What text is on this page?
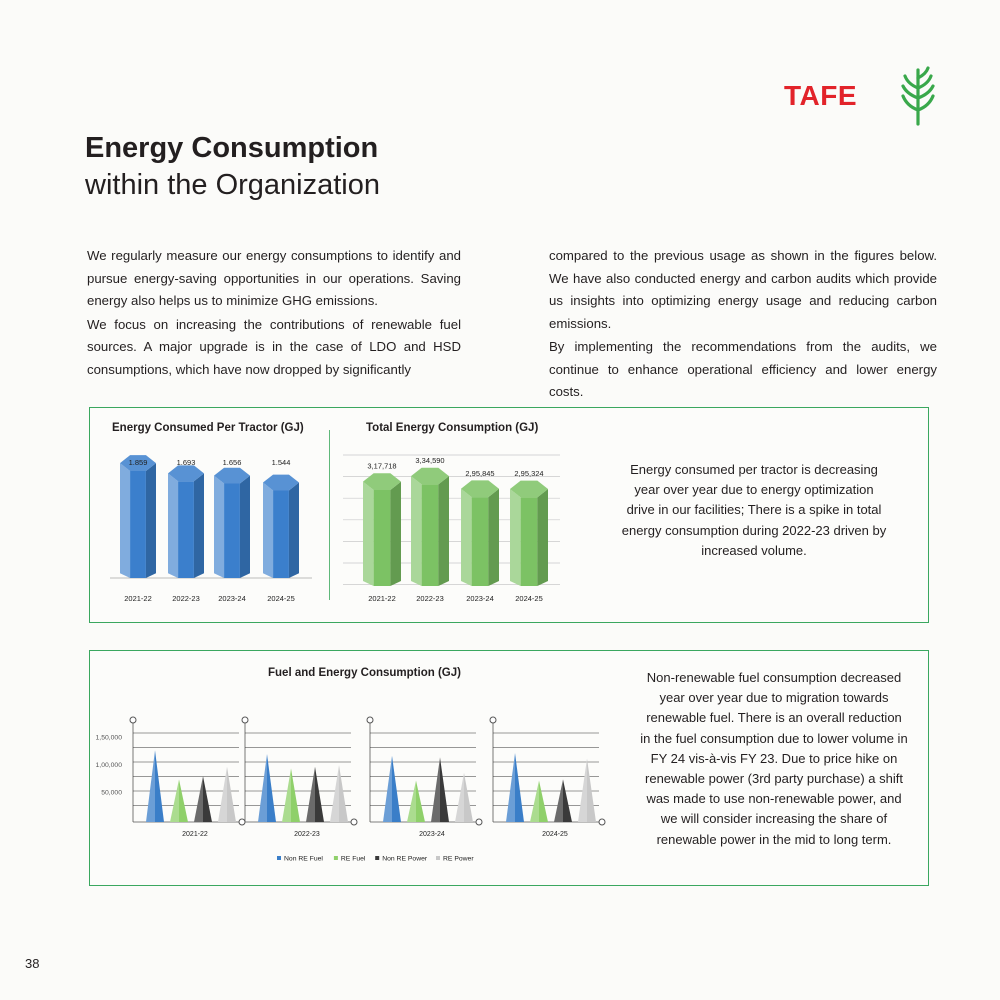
TAFE
Energy Consumption
within the Organization

We regularly measure our energy consumptions to identify and pursue energy-saving opportunities in our operations. Saving energy also helps us to minimize GHG emissions.

We focus on increasing the contributions of renewable fuel sources. A major upgrade is in the case of LDO and HSD consumptions, which have now dropped by significantly

compared to the previous usage as shown in the figures below. We have also conducted energy and carbon audits which provide us insights into optimizing energy usage and reducing carbon emissions.

By implementing the recommendations from the audits, we continue to enhance operational efficiency and lower energy costs.

Energy Consumed Per Tractor (GJ)	Total Energy Consumption (GJ)
1.859
2021-22
1.693
2022-23
1.656
2023-24
1.544
2024-25
3,17,718
2021-22
3,34,590
2022-23
2,95,845
2023-24
2,95,324
2024-25
Energy consumed per tractor is decreasing year over year due to energy optimization drive in our facilities; There is a spike in total energy consumption during 2022-23 driven by increased volume.
Fuel and Energy Consumption (GJ)
1,50,000
1,00,000
50,000
2021-22	2022-23	2023-24	2024-25
Non RE Fuel	RE Fuel Non RE Power RE Power
Non-renewable fuel consumption decreased year over year due to migration towards renewable fuel. There is an overall reduction in the fuel consumption due to lower volume in FY 24 vis-à-vis FY 23. Due to price hike on renewable power (3rd party purchase) a shift was made to use non-renewable power, and we will consider increasing the share of renewable power in the mid to long term.
38
